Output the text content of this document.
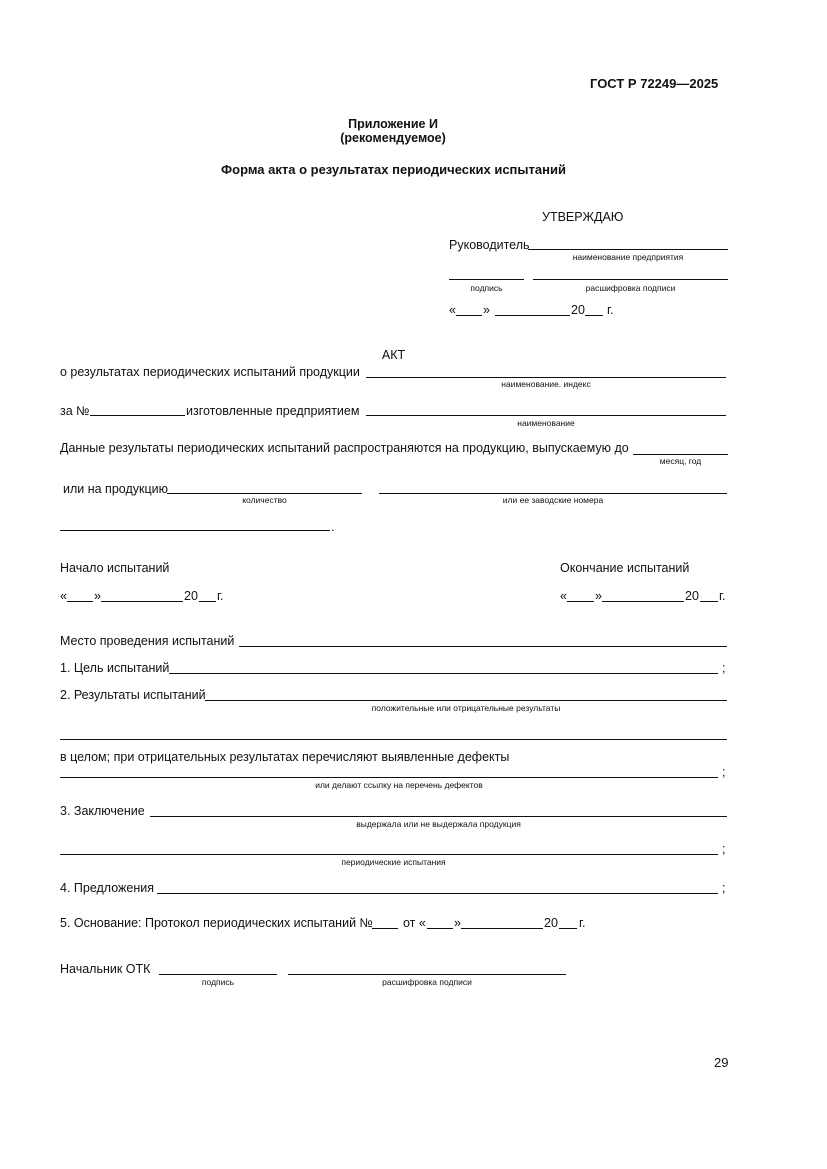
ГОСТ Р 72249—2025
Приложение И
(рекомендуемое)
Форма акта о результатах периодических испытаний
УТВЕРЖДАЮ
Руководитель
наименование предприятия
подпись	расшифровка подписи
« »	20 г.
АКТ
о результатах периодических испытаний продукции
наименование. индекс
за №	изготовленные предприятием
наименование
Данные результаты периодических испытаний распространяются на продукцию, выпускаемую до
месяц, год
или на продукцию
количество	или ее заводские номера
.
Начало испытаний	Окончание испытаний
« »	20 г.	« »	20 г.
Место проведения испытаний
1. Цель испытаний	;
2. Результаты испытаний
положительные или отрицательные результаты
в целом; при отрицательных результатах перечисляют выявленные дефекты
;
или делают ссылку на перечень дефектов
3. Заключение
выдержала или не выдержала продукция
;
периодические испытания
4. Предложения	;
5. Основание: Протокол периодических испытаний № от « »	20 г.
Начальник ОТК
подпись	расшифровка подписи
29
